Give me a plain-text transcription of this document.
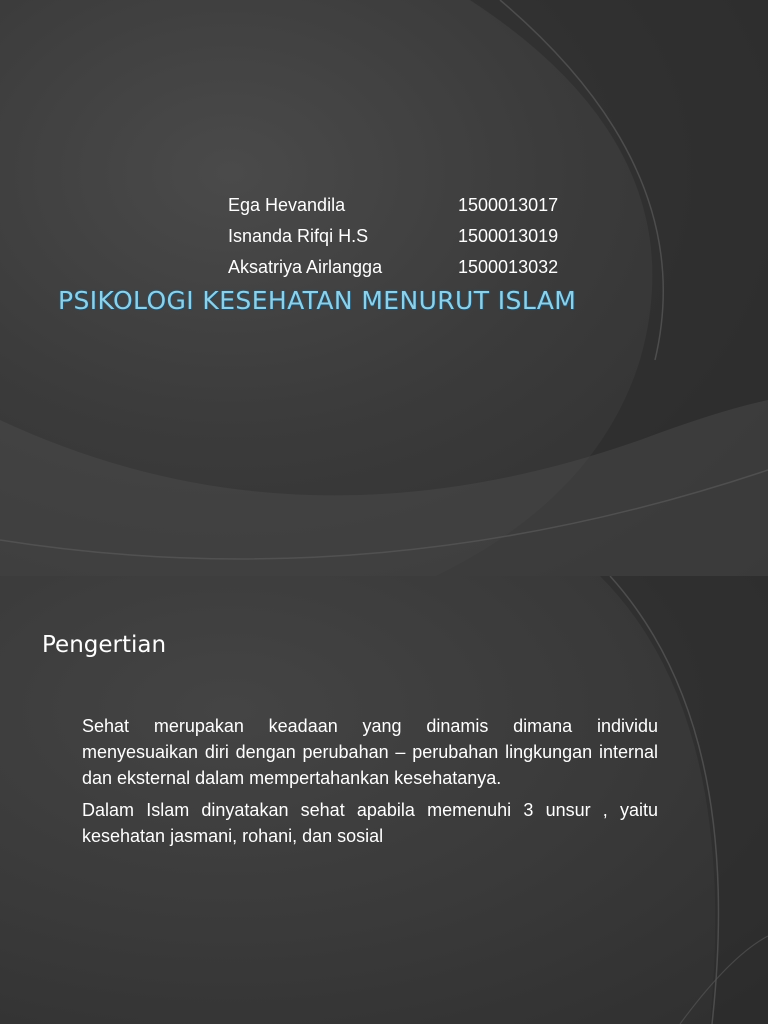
Ega Hevandila	1500013017
Isnanda Rifqi H.S	1500013019
Aksatriya Airlangga	1500013032
PSIKOLOGI KESEHATAN MENURUT ISLAM
Pengertian

Sehat merupakan keadaan yang dinamis dimana individu menyesuaikan diri dengan perubahan – perubahan lingkungan internal dan eksternal dalam mempertahankan kesehatanya.

Dalam Islam dinyatakan sehat apabila memenuhi 3 unsur , yaitu kesehatan jasmani, rohani, dan sosial
